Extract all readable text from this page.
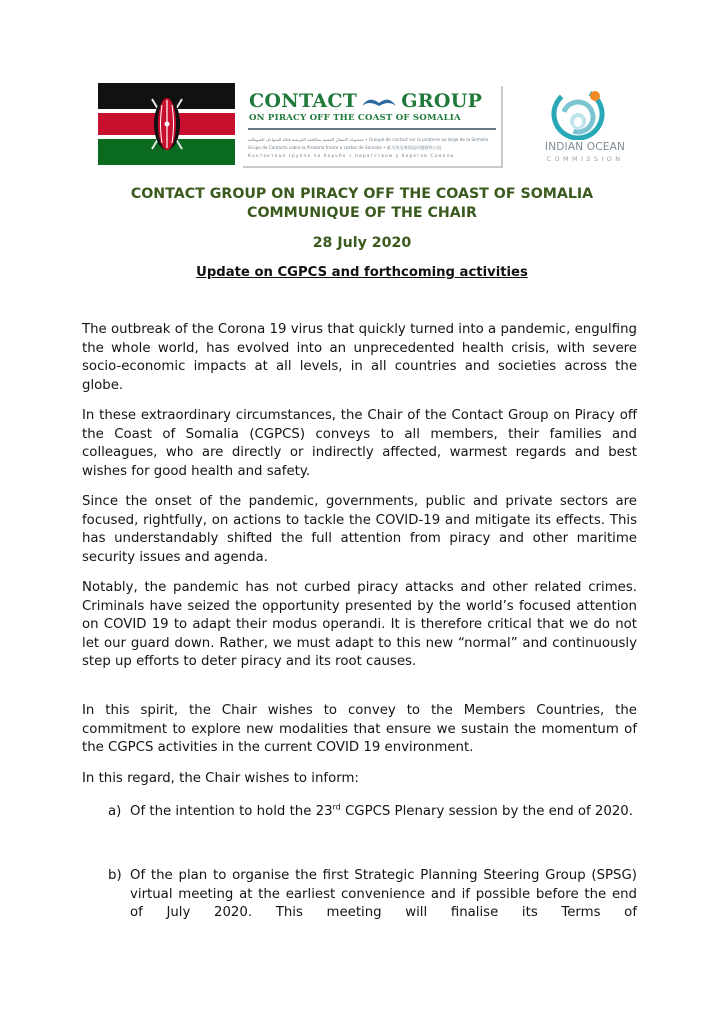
CONTACT GROUP
ON PIRACY OFF THE COAST OF SOMALIA
مجموعة الاتصال المعنية بمكافحة القرصنة قبالة السواحل الصومالية • Groupe de contact sur la piraterie au large de la Somalie
Grupo de Contacto sobre la Piratería frente a costas de Somalia • 索马里沿海海盗问题联络小组
Контактная группа по борьбе с пиратством у берегов Сомали
INDIAN OCEAN
COMMISSION
CONTACT GROUP ON PIRACY OFF THE COAST OF SOMALIA
COMMUNIQUE OF THE CHAIR
28 July 2020
Update on CGPCS and forthcoming activities

The outbreak of the Corona 19 virus that quickly turned into a pandemic, engulfing the whole world, has evolved into an unprecedented health crisis, with severe socio-economic impacts at all levels, in all countries and societies across the globe.

In these extraordinary circumstances, the Chair of the Contact Group on Piracy off the Coast of Somalia (CGPCS) conveys to all members, their families and colleagues, who are directly or indirectly affected, warmest regards and best wishes for good health and safety.

Since the onset of the pandemic, governments, public and private sectors are focused, rightfully, on actions to tackle the COVID-19 and mitigate its effects. This has understandably shifted the full attention from piracy and other maritime security issues and agenda.

Notably, the pandemic has not curbed piracy attacks and other related crimes. Criminals have seized the opportunity presented by the world’s focused attention on COVID 19 to adapt their modus operandi. It is therefore critical that we do not let our guard down. Rather, we must adapt to this new “normal” and continuously step up efforts to deter piracy and its root causes.

In this spirit, the Chair wishes to convey to the Members Countries, the commitment to explore new modalities that ensure we sustain the momentum of the CGPCS activities in the current COVID 19 environment.

In this regard, the Chair wishes to inform:

a) Of the intention to hold the 23rd CGPCS Plenary session by the end of 2020.
b) Of the plan to organise the first Strategic Planning Steering Group (SPSG) virtual meeting at the earliest convenience and if possible before the end of July 2020. This meeting will finalise its Terms of
